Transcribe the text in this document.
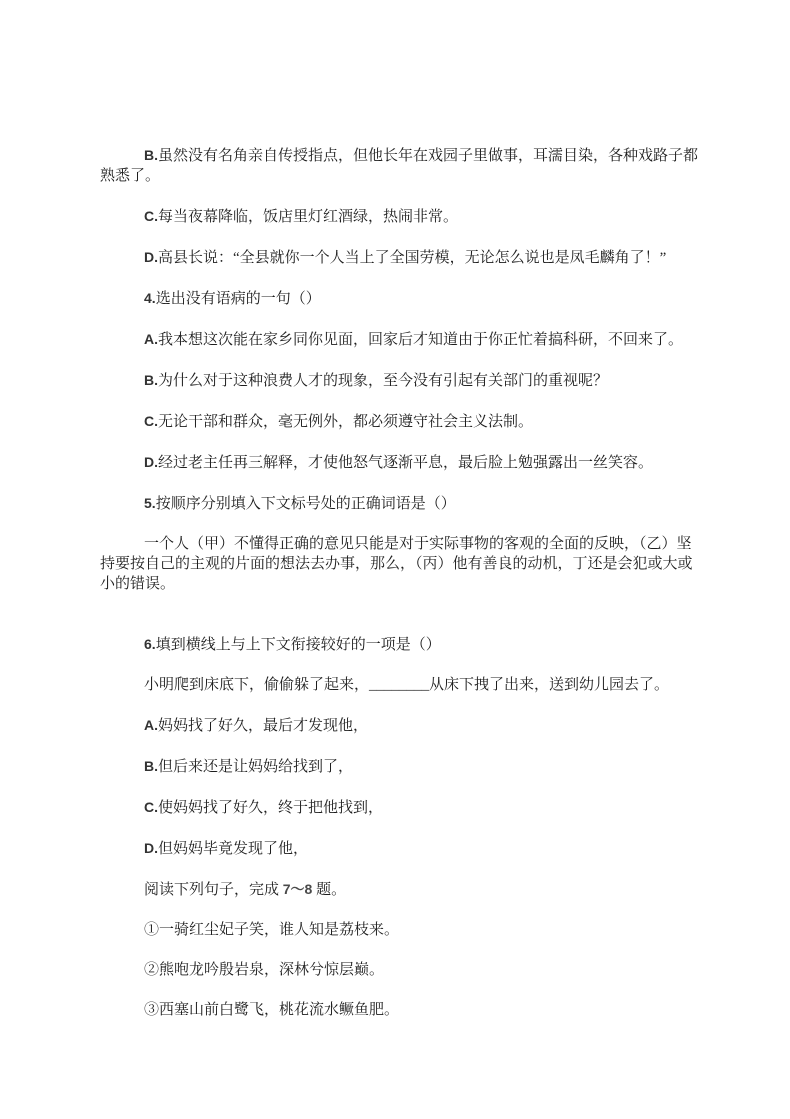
B.虽然没有名角亲自传授指点，但他长年在戏园子里做事，耳濡目染，各种戏路子都熟悉了。

C.每当夜幕降临，饭店里灯红酒绿，热闹非常。

D.高县长说：“全县就你一个人当上了全国劳模，无论怎么说也是凤毛麟角了！”

4.选出没有语病的一句（）

A.我本想这次能在家乡同你见面，回家后才知道由于你正忙着搞科研，不回来了。

B.为什么对于这种浪费人才的现象，至今没有引起有关部门的重视呢？

C.无论干部和群众，毫无例外，都必须遵守社会主义法制。

D.经过老主任再三解释，才使他怒气逐渐平息，最后脸上勉强露出一丝笑容。

5.按顺序分别填入下文标号处的正确词语是（）

一个人（甲）不懂得正确的意见只能是对于实际事物的客观的全面的反映，（乙）坚持要按自己的主观的片面的想法去办事，那么，（丙）他有善良的动机，丁还是会犯或大或小的错误。

6.填到横线上与上下文衔接较好的一项是（）

小明爬到床底下，偷偷躲了起来，________从床下拽了出来，送到幼儿园去了。

A.妈妈找了好久，最后才发现他，

B.但后来还是让妈妈给找到了，

C.使妈妈找了好久，终于把他找到，

D.但妈妈毕竟发现了他，

阅读下列句子，完成 7～8 题。

①一骑红尘妃子笑，谁人知是荔枝来。

②熊咆龙吟殷岩泉，深林兮惊层巅。

③西塞山前白鹭飞，桃花流水鳜鱼肥。
